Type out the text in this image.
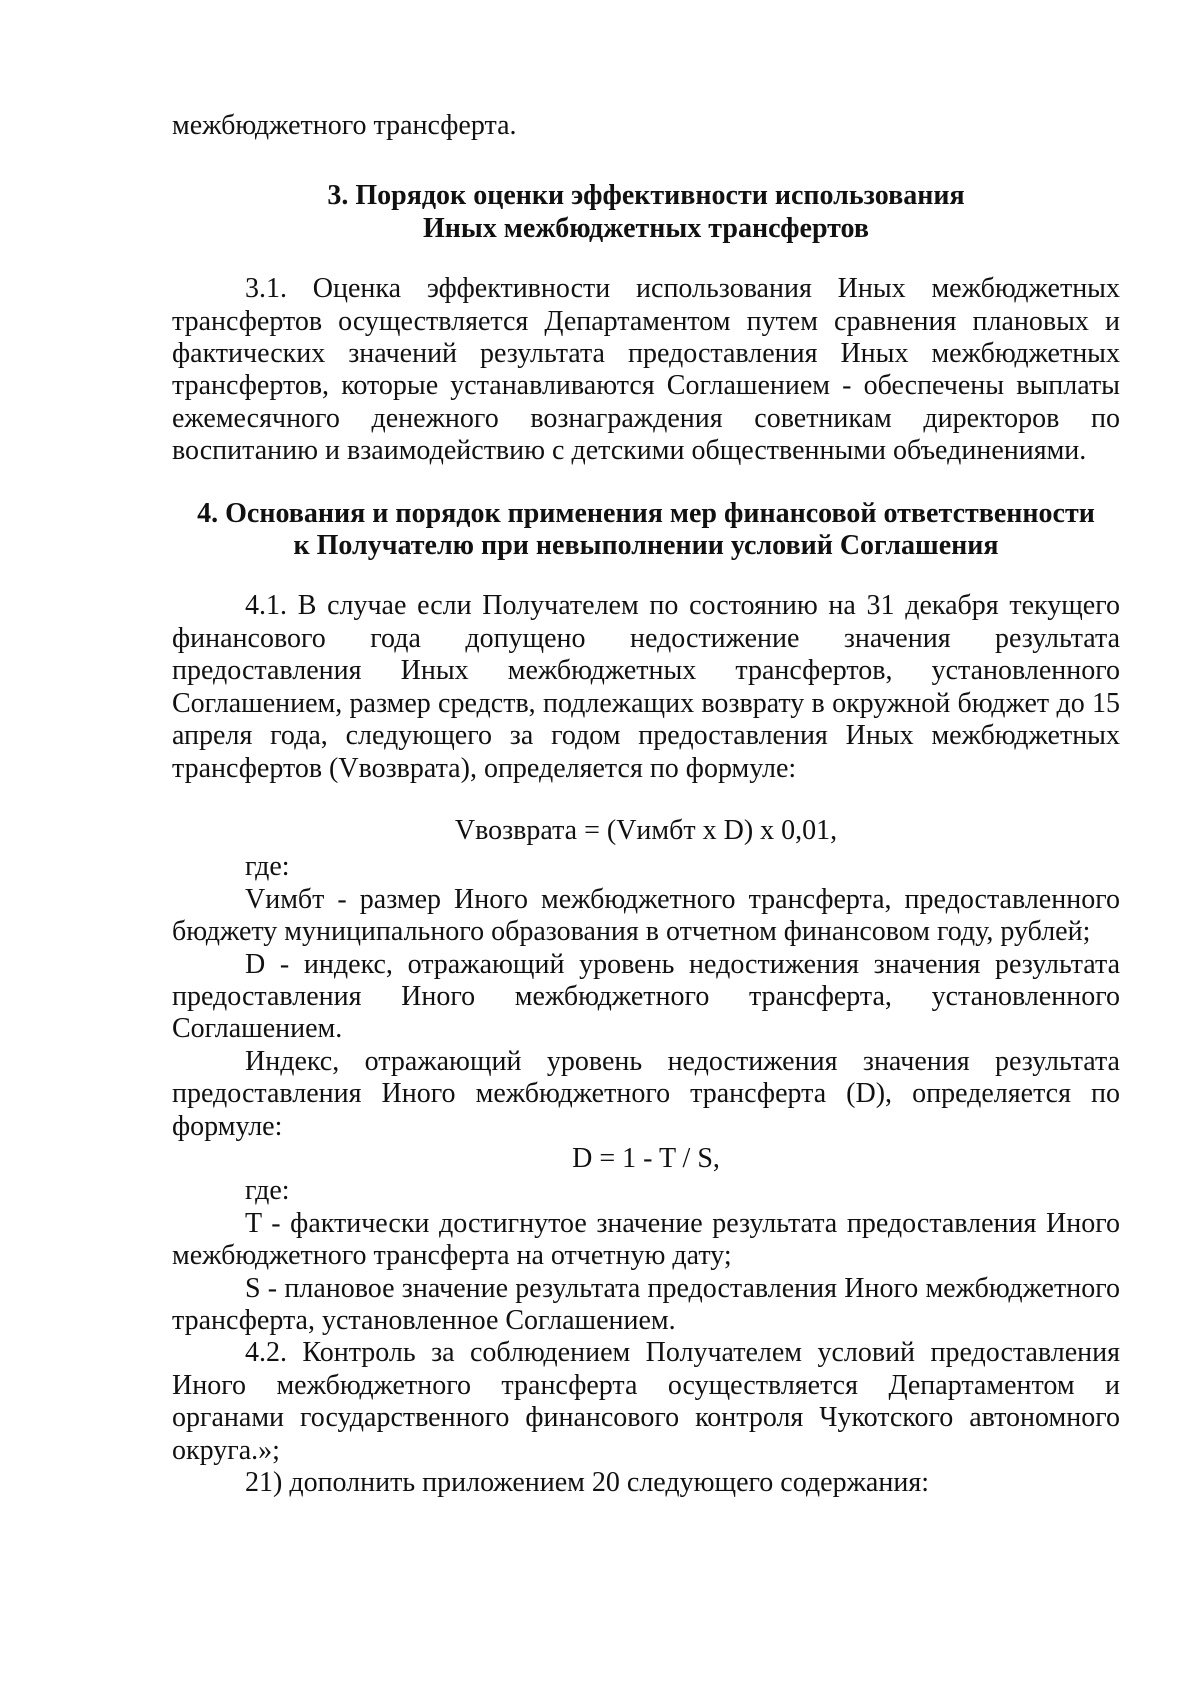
межбюджетного трансферта.

3. Порядок оценки эффективности использования
Иных межбюджетных трансфертов

3.1. Оценка эффективности использования Иных межбюджетных трансфертов осуществляется Департаментом путем сравнения плановых и фактических значений результата предоставления Иных межбюджетных трансфертов, которые устанавливаются Соглашением - обеспечены выплаты ежемесячного денежного вознаграждения советникам директоров по воспитанию и взаимодействию с детскими общественными объединениями.

4. Основания и порядок применения мер финансовой ответственности
к Получателю при невыполнении условий Соглашения

4.1. В случае если Получателем по состоянию на 31 декабря текущего финансового года допущено недостижение значения результата предоставления Иных межбюджетных трансфертов, установленного Соглашением, размер средств, подлежащих возврату в окружной бюджет до 15 апреля года, следующего за годом предоставления Иных межбюджетных трансфертов (Vвозврата), определяется по формуле:

Vвозврата = (Vимбт x D) x 0,01,

где:

Vимбт - размер Иного межбюджетного трансферта, предоставленного бюджету муниципального образования в отчетном финансовом году, рублей;

D - индекс, отражающий уровень недостижения значения результата предоставления Иного межбюджетного трансферта, установленного Соглашением.

Индекс, отражающий уровень недостижения значения результата предоставления Иного межбюджетного трансферта (D), определяется по формуле:

D = 1 - T / S,

где:

T - фактически достигнутое значение результата предоставления Иного межбюджетного трансферта на отчетную дату;

S - плановое значение результата предоставления Иного межбюджетного трансферта, установленное Соглашением.

4.2. Контроль за соблюдением Получателем условий предоставления Иного межбюджетного трансферта осуществляется Департаментом и органами государственного финансового контроля Чукотского автономного округа.»;

21) дополнить приложением 20 следующего содержания:
